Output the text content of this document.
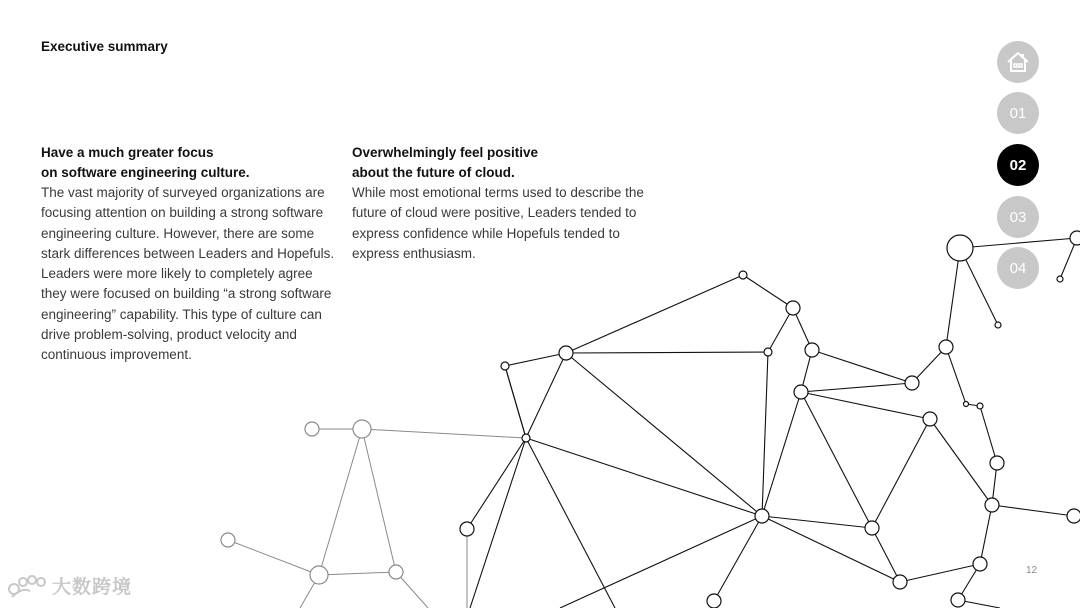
Executive summary
Have a much greater focus
on software engineering culture.

The vast majority of surveyed organizations are focusing attention on building a strong software engineering culture. However, there are some stark differences between Leaders and Hopefuls. Leaders were more likely to completely agree they were focused on building “a strong software engineering” capability. This type of culture can drive problem-solving, product velocity and continuous improvement.

Overwhelmingly feel positive
about the future of cloud.

While most emotional terms used to describe the future of cloud were positive, Leaders tended to express confidence while Hopefuls tended to express enthusiasm.

01
02
03
04
12
大数跨境
